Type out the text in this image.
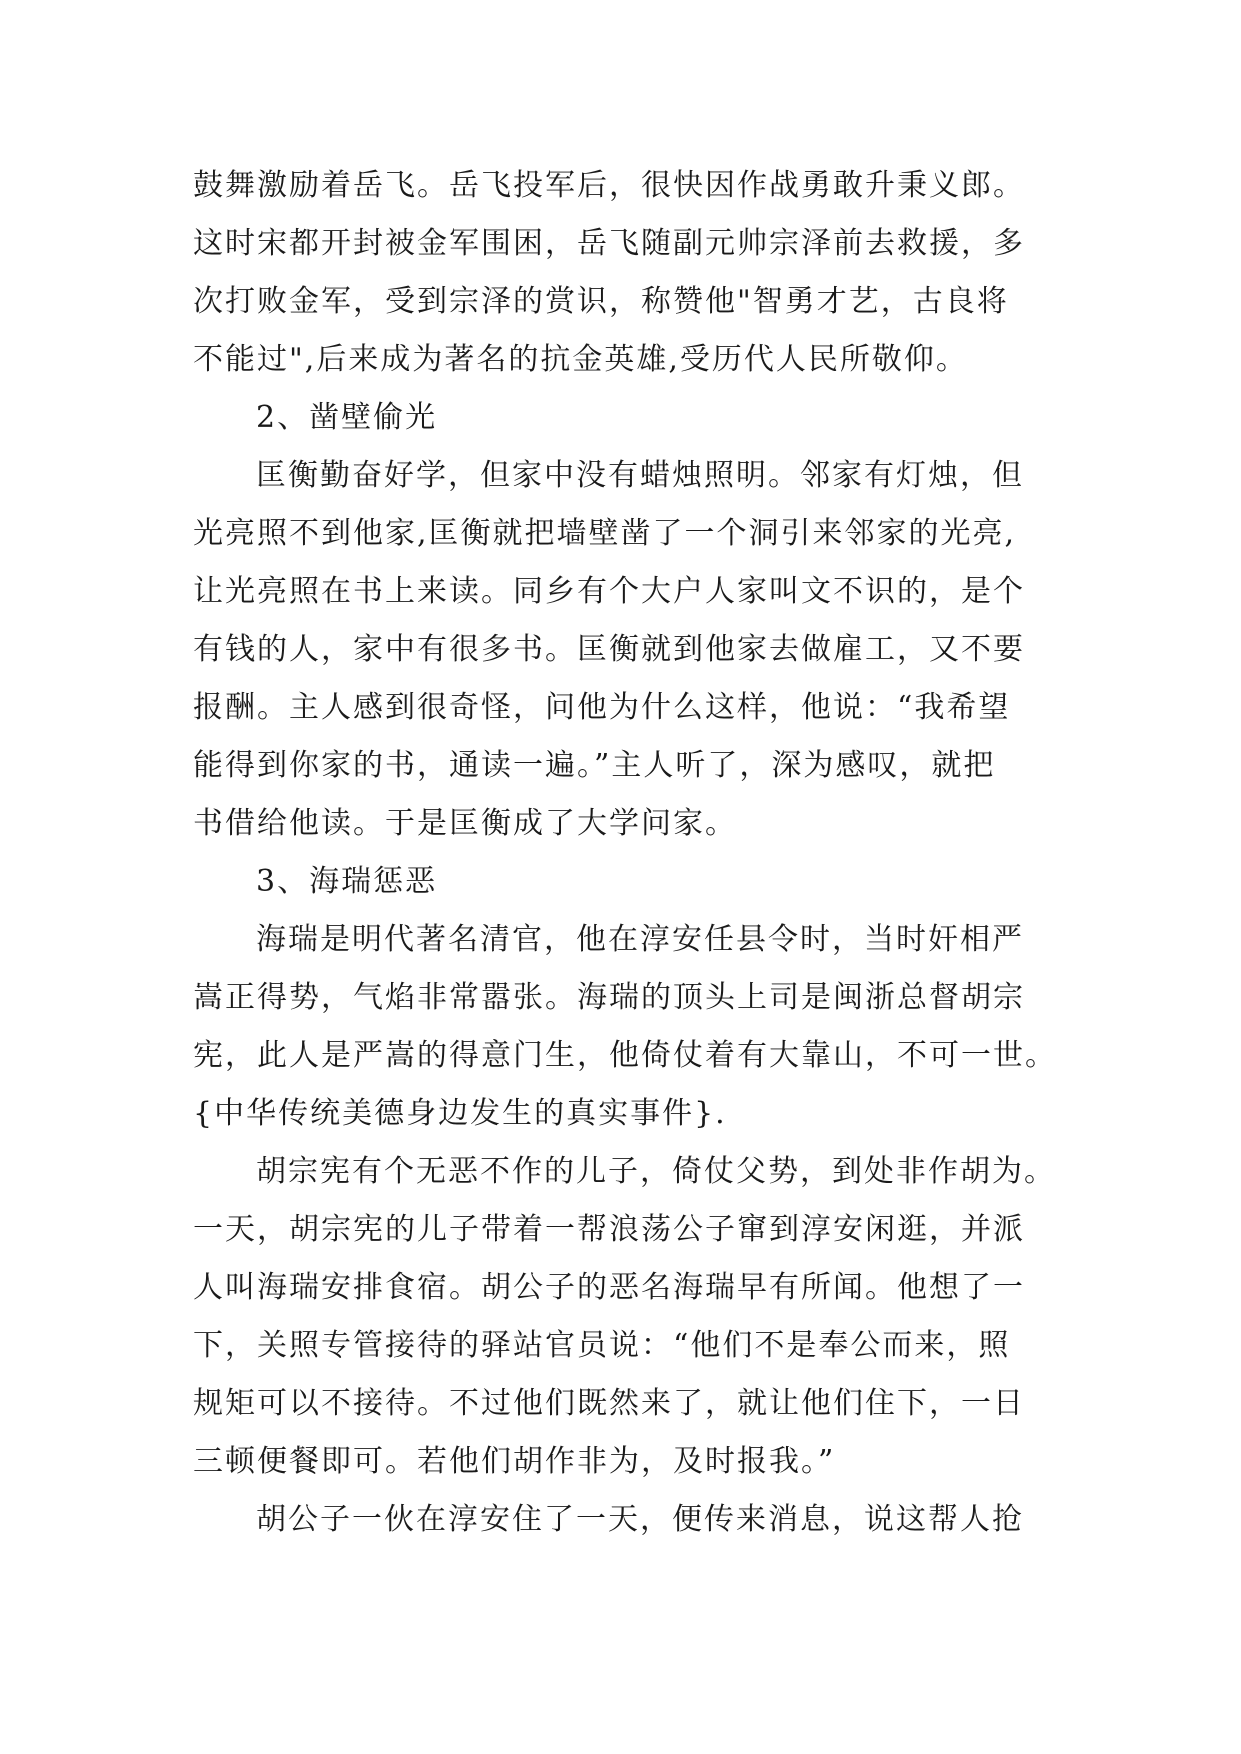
鼓舞激励着岳飞。岳飞投军后，很快因作战勇敢升秉义郎。
这时宋都开封被金军围困，岳飞随副元帅宗泽前去救援，多
次打败金军，受到宗泽的赏识，称赞他"智勇才艺，古良将
不能过",后来成为著名的抗金英雄,受历代人民所敬仰。
2、凿壁偷光
匡衡勤奋好学，但家中没有蜡烛照明。邻家有灯烛，但
光亮照不到他家,匡衡就把墙壁凿了一个洞引来邻家的光亮,
让光亮照在书上来读。同乡有个大户人家叫文不识的，是个
有钱的人，家中有很多书。匡衡就到他家去做雇工，又不要
报酬。主人感到很奇怪，问他为什么这样，他说：“我希望
能得到你家的书，通读一遍。”主人听了，深为感叹，就把
书借给他读。于是匡衡成了大学问家。
3、海瑞惩恶
海瑞是明代著名清官，他在淳安任县令时，当时奸相严
嵩正得势，气焰非常嚣张。海瑞的顶头上司是闽浙总督胡宗
宪，此人是严嵩的得意门生，他倚仗着有大靠山，不可一世。
{中华传统美德身边发生的真实事件}.
胡宗宪有个无恶不作的儿子，倚仗父势，到处非作胡为。
一天，胡宗宪的儿子带着一帮浪荡公子窜到淳安闲逛，并派
人叫海瑞安排食宿。胡公子的恶名海瑞早有所闻。他想了一
下，关照专管接待的驿站官员说：“他们不是奉公而来，照
规矩可以不接待。不过他们既然来了，就让他们住下，一日
三顿便餐即可。若他们胡作非为，及时报我。”
胡公子一伙在淳安住了一天，便传来消息，说这帮人抢
